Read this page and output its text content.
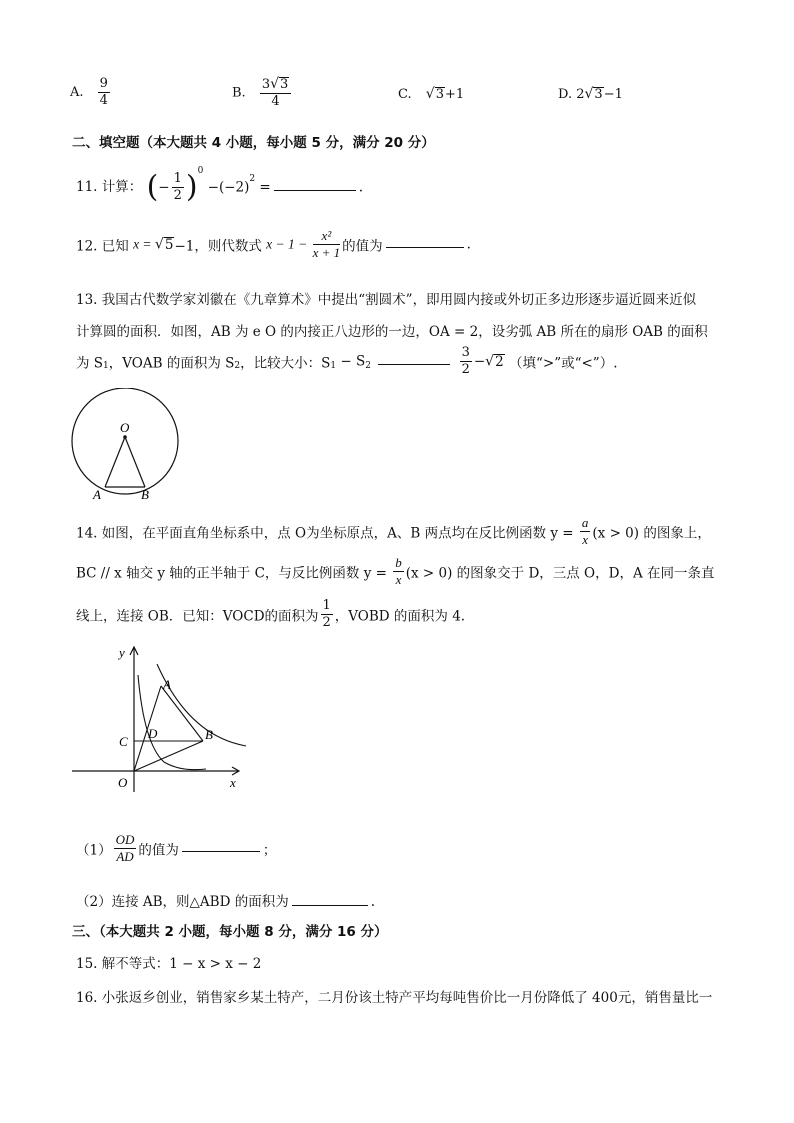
A. $\frac{9}{4}$	B. $\frac{3√3}{4}$	C. √3+1	D. 2√3−1
二、填空题（本大题共 4 小题，每小题 5 分，满分 20 分）
11. 计算： (− $\frac{1}{2} )^0 -(-2)^2$ =	.
12. 已知 x = √5−1，则代数式 $x - 1 - \frac{\text{x²}}{x + 1}$ 的值为	.
13. 我国古代数学家刘徽在《九章算术》中提出“割圆术”，即用圆内接或外切正多边形逐步逼近圆来近似
计算圆的面积．如图，AB 为 e O 的内接正八边形的一边，OA = 2，设劣弧 AB 所在的扇形 OAB 的面积
为 $S_1$，VOAB 的面积为 $S_2$，比较大小：$S_1 - S_2$	$\frac{3}{2} -√2$ （填“>”或“<”）.
O
A	B
14. 如图，在平面直角坐标系中，点 O为坐标原点，A、B 两点均在反比例函数 $y = \frac{a}{x} (x > 0)$ 的图象上，
BC // x 轴交 y 轴的正半轴于 C，与反比例函数 $y = \frac{b}{x} (x > 0)$ 的图象交于 D，三点 O，D，A 在同一条直
线上，连接 OB．已知：VOCD的面积为 $\frac{1}{2}$ ，VOBD 的面积为 4.
y
x
A
B
C
D
O
$(1) \frac{OD}{AD}$ 的值为	；
（2）连接 AB，则△ABD 的面积为	.
三、（本大题共 2 小题，每小题 8 分，满分 16 分）
15. 解不等式：1 − x > x − 2
16. 小张返乡创业，销售家乡某土特产，二月份该土特产平均每吨售价比一月份降低了 400元，销售量比一
